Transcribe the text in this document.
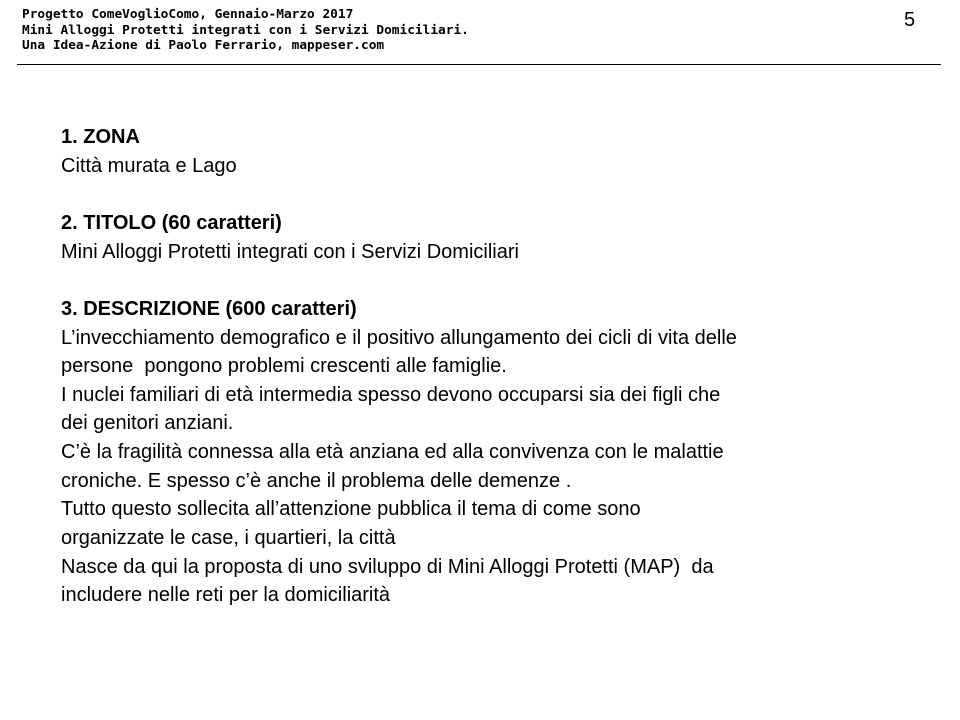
Progetto ComeVoglioComo, Gennaio-Marzo 2017
Mini Alloggi Protetti integrati con i Servizi Domiciliari.
Una Idea-Azione di Paolo Ferrario, mappeser.com
5
1. ZONA
Città murata e Lago
2. TITOLO (60 caratteri)
Mini Alloggi Protetti integrati con i Servizi Domiciliari
3. DESCRIZIONE (600 caratteri)
L’invecchiamento demografico e il positivo allungamento dei cicli di vita delle
persone  pongono problemi crescenti alle famiglie.
I nuclei familiari di età intermedia spesso devono occuparsi sia dei figli che
dei genitori anziani.
C’è la fragilità connessa alla età anziana ed alla convivenza con le malattie
croniche. E spesso c’è anche il problema delle demenze .
Tutto questo sollecita all’attenzione pubblica il tema di come sono
organizzate le case, i quartieri, la città
Nasce da qui la proposta di uno sviluppo di Mini Alloggi Protetti (MAP)  da
includere nelle reti per la domiciliarità
